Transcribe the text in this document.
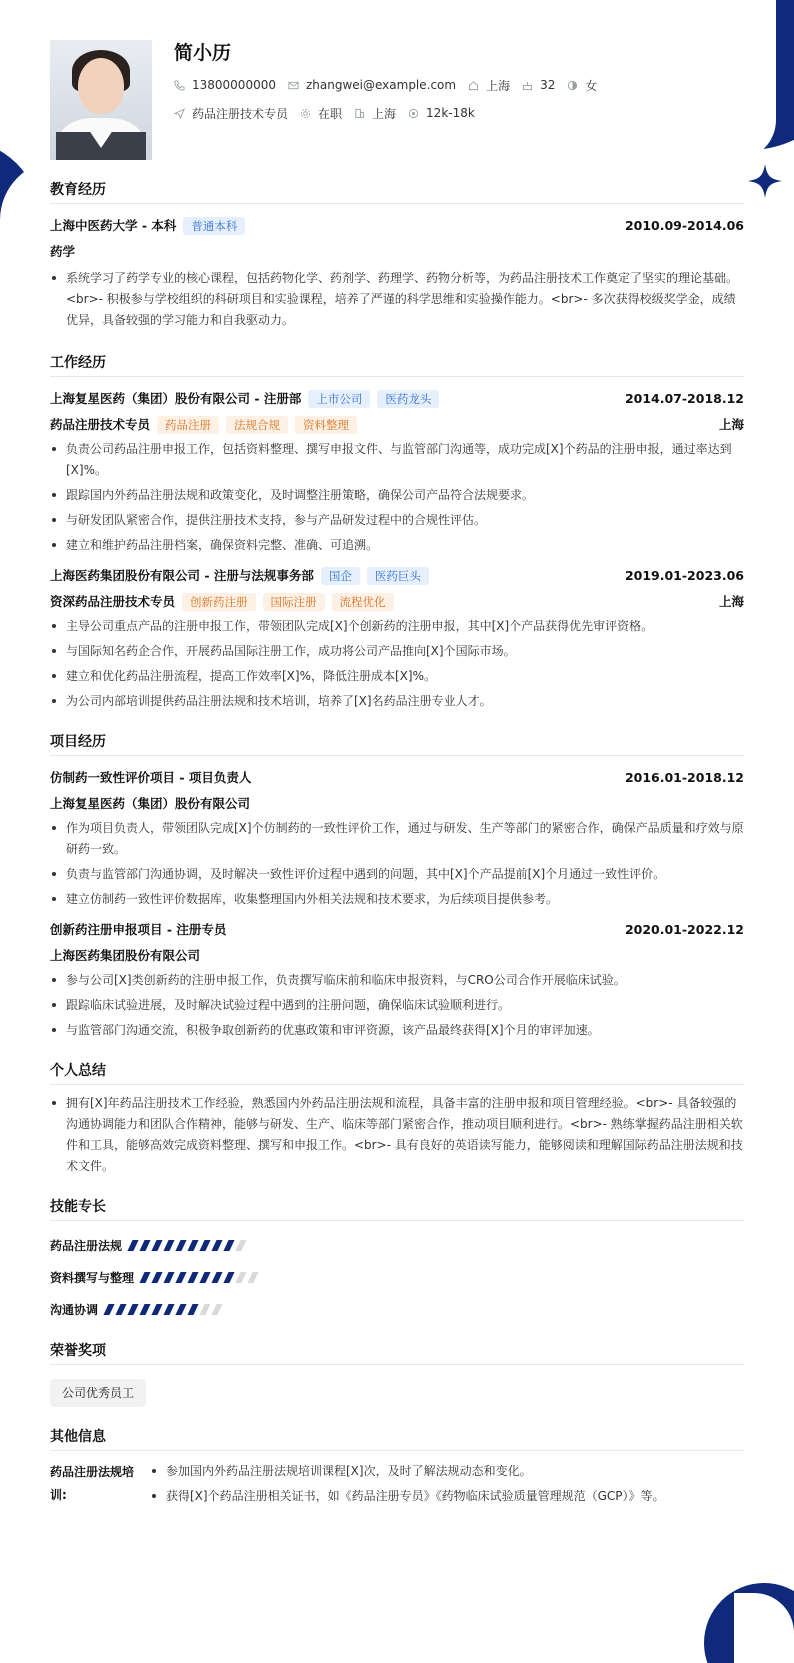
简小历
13800000000	zhangwei@example.com	上海	32	女
药品注册技术专员	在职	上海	12k-18k
教育经历
上海中医药大学 - 本科 普通本科	2010.09-2014.06
药学
系统学习了药学专业的核心课程，包括药物化学、药剂学、药理学、药物分析等，为药品注册技术工作奠定了坚实的理论基础。<br>- 积极参与学校组织的科研项目和实验课程，培养了严谨的科学思维和实验操作能力。<br>- 多次获得校级奖学金，成绩优异，具备较强的学习能力和自我驱动力。
工作经历
上海复星医药（集团）股份有限公司 - 注册部 上市公司 医药龙头	2014.07-2018.12
药品注册技术专员 药品注册 法规合规 资料整理	上海
负责公司药品注册申报工作，包括资料整理、撰写申报文件、与监管部门沟通等，成功完成[X]个药品的注册申报，通过率达到[X]%。
跟踪国内外药品注册法规和政策变化，及时调整注册策略，确保公司产品符合法规要求。
与研发团队紧密合作，提供注册技术支持，参与产品研发过程中的合规性评估。
建立和维护药品注册档案，确保资料完整、准确、可追溯。
上海医药集团股份有限公司 - 注册与法规事务部 国企 医药巨头	2019.01-2023.06
资深药品注册技术专员 创新药注册 国际注册 流程优化	上海
主导公司重点产品的注册申报工作，带领团队完成[X]个创新药的注册申报，其中[X]个产品获得优先审评资格。
与国际知名药企合作，开展药品国际注册工作，成功将公司产品推向[X]个国际市场。
建立和优化药品注册流程，提高工作效率[X]%，降低注册成本[X]%。
为公司内部培训提供药品注册法规和技术培训，培养了[X]名药品注册专业人才。
项目经历
仿制药一致性评价项目 - 项目负责人	2016.01-2018.12
上海复星医药（集团）股份有限公司
作为项目负责人，带领团队完成[X]个仿制药的一致性评价工作，通过与研发、生产等部门的紧密合作，确保产品质量和疗效与原研药一致。
负责与监管部门沟通协调，及时解决一致性评价过程中遇到的问题，其中[X]个产品提前[X]个月通过一致性评价。
建立仿制药一致性评价数据库，收集整理国内外相关法规和技术要求，为后续项目提供参考。
创新药注册申报项目 - 注册专员	2020.01-2022.12
上海医药集团股份有限公司
参与公司[X]类创新药的注册申报工作，负责撰写临床前和临床申报资料，与CRO公司合作开展临床试验。
跟踪临床试验进展，及时解决试验过程中遇到的注册问题，确保临床试验顺利进行。
与监管部门沟通交流，积极争取创新药的优惠政策和审评资源，该产品最终获得[X]个月的审评加速。
个人总结
拥有[X]年药品注册技术工作经验，熟悉国内外药品注册法规和流程，具备丰富的注册申报和项目管理经验。<br>- 具备较强的沟通协调能力和团队合作精神，能够与研发、生产、临床等部门紧密合作，推动项目顺利进行。<br>- 熟练掌握药品注册相关软件和工具，能够高效完成资料整理、撰写和申报工作。<br>- 具有良好的英语读写能力，能够阅读和理解国际药品注册法规和技术文件。
技能专长
药品注册法规
资料撰写与整理
沟通协调
荣誉奖项
公司优秀员工
其他信息
药品注册法规培训:
参加国内外药品注册法规培训课程[X]次，及时了解法规动态和变化。
获得[X]个药品注册相关证书，如《药品注册专员》《药物临床试验质量管理规范（GCP）》等。
